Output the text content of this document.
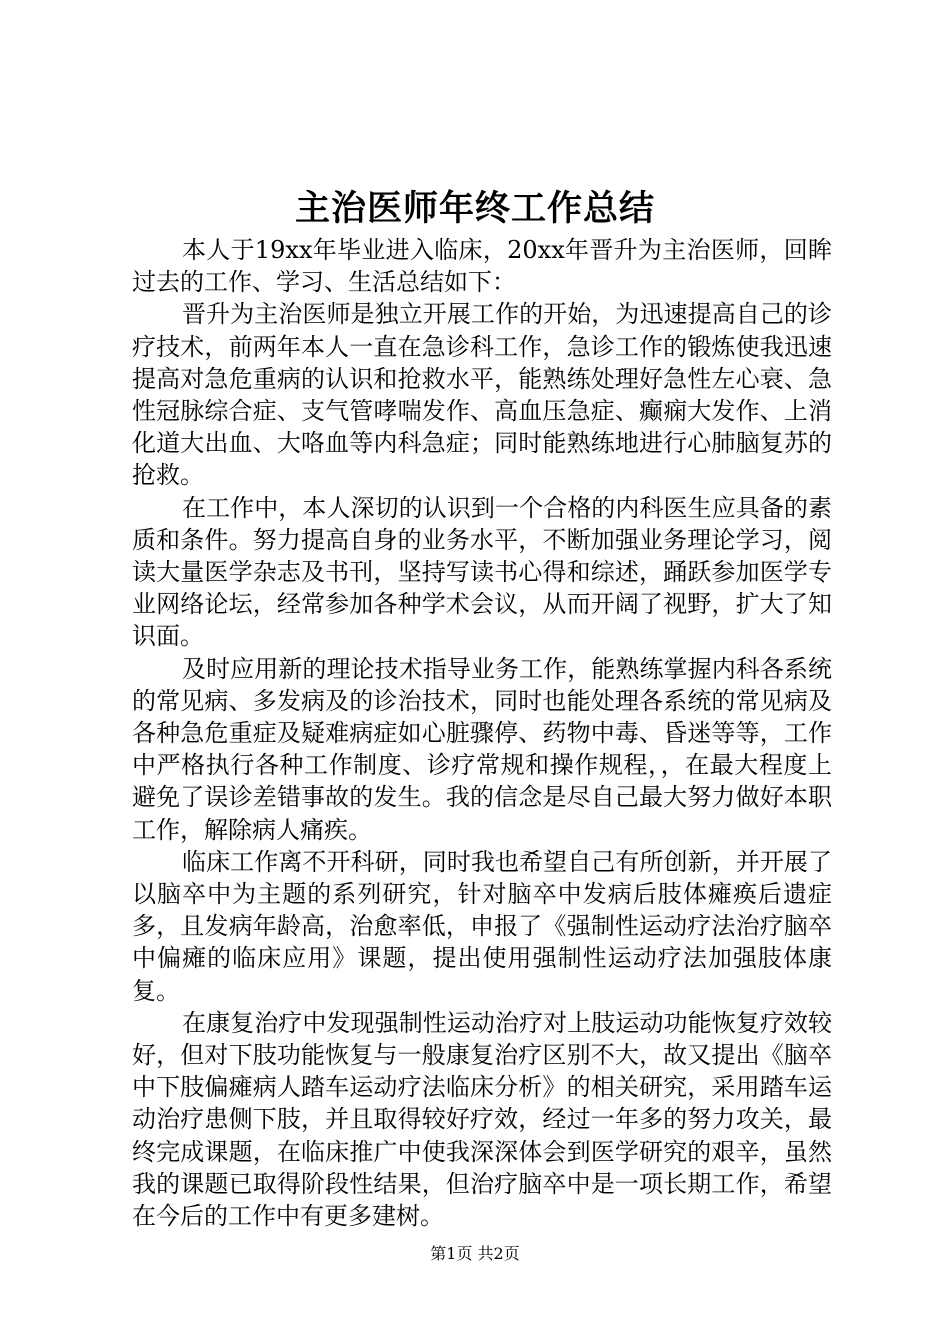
主治医师年终工作总结

本人于19xx年毕业进入临床，20xx年晋升为主治医师，回眸过去的工作、学习、生活总结如下：

晋升为主治医师是独立开展工作的开始，为迅速提高自己的诊疗技术，前两年本人一直在急诊科工作，急诊工作的锻炼使我迅速提高对急危重病的认识和抢救水平，能熟练处理好急性左心衰、急性冠脉综合症、支气管哮喘发作、高血压急症、癫痫大发作、上消化道大出血、大咯血等内科急症；同时能熟练地进行心肺脑复苏的抢救。

在工作中，本人深切的认识到一个合格的内科医生应具备的素质和条件。努力提高自身的业务水平，不断加强业务理论学习，阅读大量医学杂志及书刊，坚持写读书心得和综述，踊跃参加医学专业网络论坛，经常参加各种学术会议，从而开阔了视野，扩大了知识面。

及时应用新的理论技术指导业务工作，能熟练掌握内科各系统的常见病、多发病及的诊治技术，同时也能处理各系统的常见病及各种急危重症及疑难病症如心脏骤停、药物中毒、昏迷等等，工作中严格执行各种工作制度、诊疗常规和操作规程，，在最大程度上避免了误诊差错事故的发生。我的信念是尽自己最大努力做好本职工作，解除病人痛疾。

临床工作离不开科研，同时我也希望自己有所创新，并开展了以脑卒中为主题的系列研究，针对脑卒中发病后肢体瘫痪后遗症多，且发病年龄高，治愈率低，申报了《强制性运动疗法治疗脑卒中偏瘫的临床应用》课题，提出使用强制性运动疗法加强肢体康复。

在康复治疗中发现强制性运动治疗对上肢运动功能恢复疗效较好，但对下肢功能恢复与一般康复治疗区别不大，故又提出《脑卒中下肢偏瘫病人踏车运动疗法临床分析》的相关研究，采用踏车运动治疗患侧下肢，并且取得较好疗效，经过一年多的努力攻关，最终完成课题，在临床推广中使我深深体会到医学研究的艰辛，虽然我的课题已取得阶段性结果，但治疗脑卒中是一项长期工作，希望在今后的工作中有更多建树。

第1页 共2页
